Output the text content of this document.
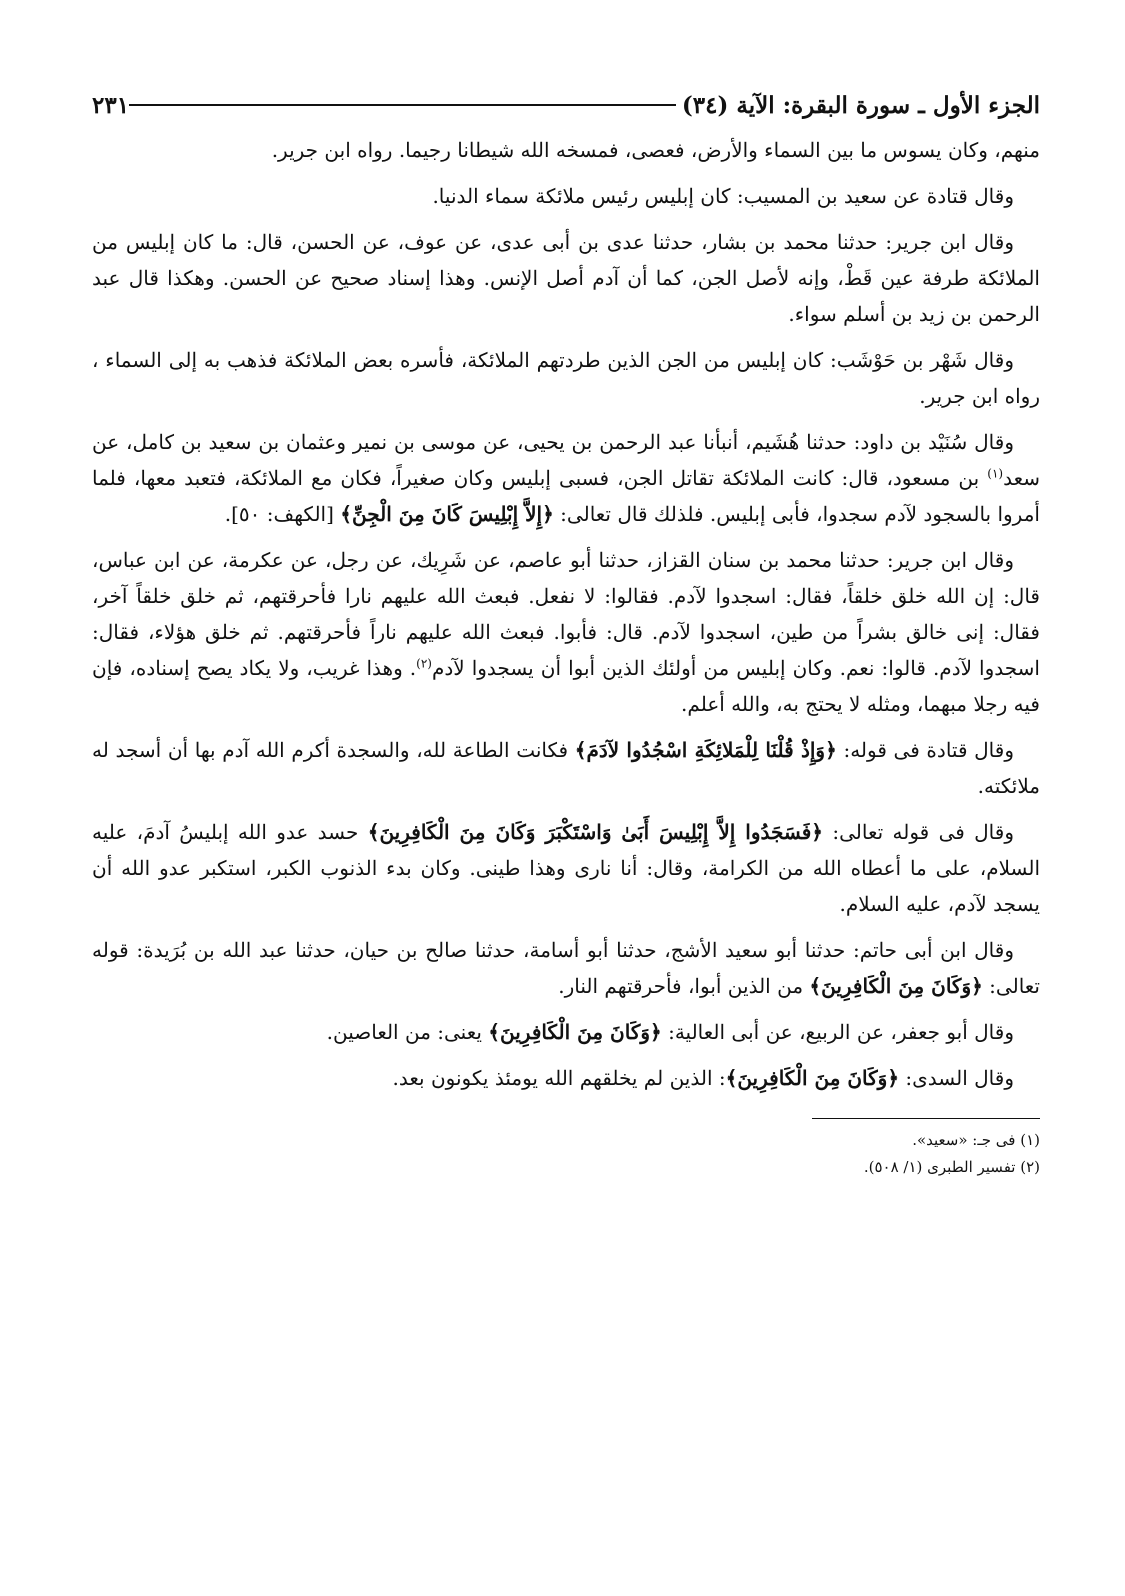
الجزء الأول ـ سورة البقرة: الآية (٣٤)
٢٣١

منهم، وكان يسوس ما بين السماء والأرض، فعصى، فمسخه الله شيطانا رجيما. رواه ابن جرير.

وقال قتادة عن سعيد بن المسيب: كان إبليس رئيس ملائكة سماء الدنيا.

وقال ابن جرير: حدثنا محمد بن بشار، حدثنا عدى بن أبى عدى، عن عوف، عن الحسن، قال: ما كان إبليس من الملائكة طرفة عين قَطْ، وإنه لأصل الجن، كما أن آدم أصل الإنس. وهذا إسناد صحيح عن الحسن. وهكذا قال عبد الرحمن بن زيد بن أسلم سواء.

وقال شَهْر بن حَوْشَب: كان إبليس من الجن الذين طردتهم الملائكة، فأسره بعض الملائكة فذهب به إلى السماء ، رواه ابن جرير.

وقال سُنَيْد بن داود: حدثنا هُشَيم، أنبأنا عبد الرحمن بن يحيى، عن موسى بن نمير وعثمان بن سعيد بن كامل، عن سعد$^{(١)}$ بن مسعود، قال: كانت الملائكة تقاتل الجن، فسبى إبليس وكان صغيراً، فكان مع الملائكة، فتعبد معها، فلما أمروا بالسجود لآدم سجدوا، فأبى إبليس. فلذلك قال تعالى: ﴿إِلاَّ إِبْلِيسَ كَانَ مِنَ الْجِنِّ﴾ [الكهف: ٥٠].

وقال ابن جرير: حدثنا محمد بن سنان القزاز، حدثنا أبو عاصم، عن شَرِيك، عن رجل، عن عكرمة، عن ابن عباس، قال: إن الله خلق خلقاً، فقال: اسجدوا لآدم. فقالوا: لا نفعل. فبعث الله عليهم نارا فأحرقتهم، ثم خلق خلقاً آخر، فقال: إنى خالق بشراً من طين، اسجدوا لآدم. قال: فأبوا. فبعث الله عليهم ناراً فأحرقتهم. ثم خلق هؤلاء، فقال: اسجدوا لآدم. قالوا: نعم. وكان إبليس من أولئك الذين أبوا أن يسجدوا لآدم$^{(٢)}$. وهذا غريب، ولا يكاد يصح إسناده، فإن فيه رجلا مبهما، ومثله لا يحتج به، والله أعلم.

وقال قتادة فى قوله: ﴿وَإِذْ قُلْنَا لِلْمَلائِكَةِ اسْجُدُوا لآدَمَ﴾ فكانت الطاعة لله، والسجدة أكرم الله آدم بها أن أسجد له ملائكته.

وقال فى قوله تعالى: ﴿فَسَجَدُوا إِلاَّ إِبْلِيسَ أَبَىٰ وَاسْتَكْبَرَ وَكَانَ مِنَ الْكَافِرِينَ﴾ حسد عدو الله إبليسُ آدمَ، عليه السلام، على ما أعطاه الله من الكرامة، وقال: أنا نارى وهذا طينى. وكان بدء الذنوب الكبر، استكبر عدو الله أن يسجد لآدم، عليه السلام.

وقال ابن أبى حاتم: حدثنا أبو سعيد الأشج، حدثنا أبو أسامة، حدثنا صالح بن حيان، حدثنا عبد الله بن بُرَيدة: قوله تعالى: ﴿وَكَانَ مِنَ الْكَافِرِينَ﴾ من الذين أبوا، فأحرقتهم النار.

وقال أبو جعفر، عن الربيع، عن أبى العالية: ﴿وَكَانَ مِنَ الْكَافِرِينَ﴾ يعنى: من العاصين.

وقال السدى: ﴿وَكَانَ مِنَ الْكَافِرِينَ﴾: الذين لم يخلقهم الله يومئذ يكونون بعد.

(١) فى جـ: «سعيد».

(٢) تفسير الطبرى (١/ ٥٠٨).
